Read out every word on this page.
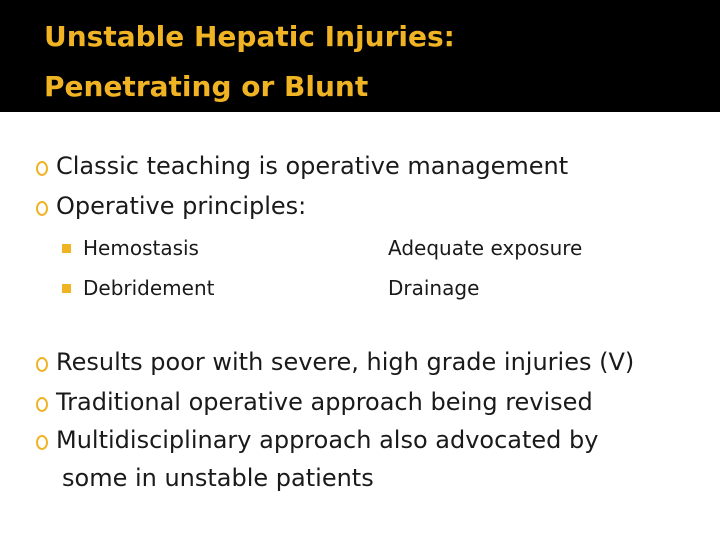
Unstable Hepatic Injuries:
Penetrating or Blunt
Classic teaching is operative management
Operative principles:
Hemostasis
Debridement
Adequate exposure
Drainage
Results poor with severe, high grade injuries (V)
Traditional operative approach being revised
Multidisciplinary approach also advocated by
some in unstable patients
